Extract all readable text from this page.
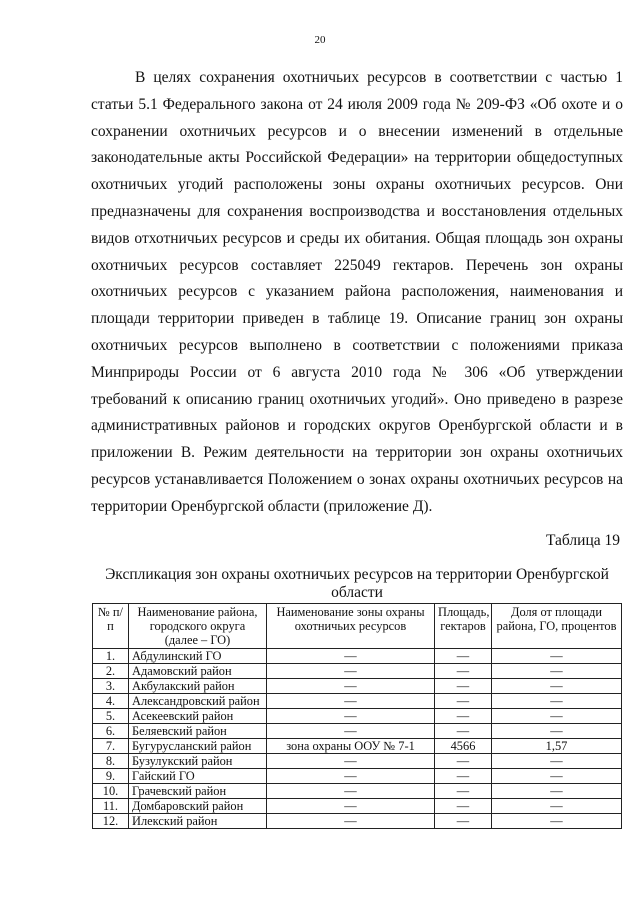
20

В целях сохранения охотничьих ресурсов в соответствии с частью 1 статьи 5.1 Федерального закона от 24 июля 2009 года № 209-ФЗ «Об охоте и о сохранении охотничьих ресурсов и о внесении изменений в отдельные законодательные акты Российской Федерации» на территории общедоступных охотничьих угодий расположены зоны охраны охотничьих ресурсов. Они предназначены для сохранения воспроизводства и восстановления отдельных видов отхотничьих ресурсов и среды их обитания. Общая площадь зон охраны охотничьих ресурсов составляет 225049 гектаров. Перечень зон охраны охотничьих ресурсов с указанием района расположения, наименования и площади территории приведен в таблице 19. Описание границ зон охраны охотничьих ресурсов выполнено в соответствии с положениями приказа Минприроды России от 6 августа 2010 года № 306 «Об утверждении требований к описанию границ охотничьих угодий». Оно приведено в разрезе административных районов и городских округов Оренбургской области и в приложении В. Режим деятельности на территории зон охраны охотничьих ресурсов устанавливается Положением о зонах охраны охотничьих ресурсов на территории Оренбургской области (приложение Д).

Таблица 19
Экспликация зон охраны охотничьих ресурсов на территории Оренбургской области
№ п/п	Наименование района, городского округа (далее – ГО)	Наименование зоны охраны охотничьих ресурсов	Площадь, гектаров	Доля от площади района, ГО, процентов
1.	Абдулинский ГО	—	—	—
2.	Адамовский район	—	—	—
3.	Акбулакский район	—	—	—
4.	Александровский район	—	—	—
5.	Асекеевский район	—	—	—
6.	Беляевский район	—	—	—
7.	Бугурусланский район	зона охраны ООУ № 7-1	4566	1,57
8.	Бузулукский район	—	—	—
9.	Гайский ГО	—	—	—
10.	Грачевский район	—	—	—
11.	Домбаровский район	—	—	—
12.	Илекский район	—	—	—
